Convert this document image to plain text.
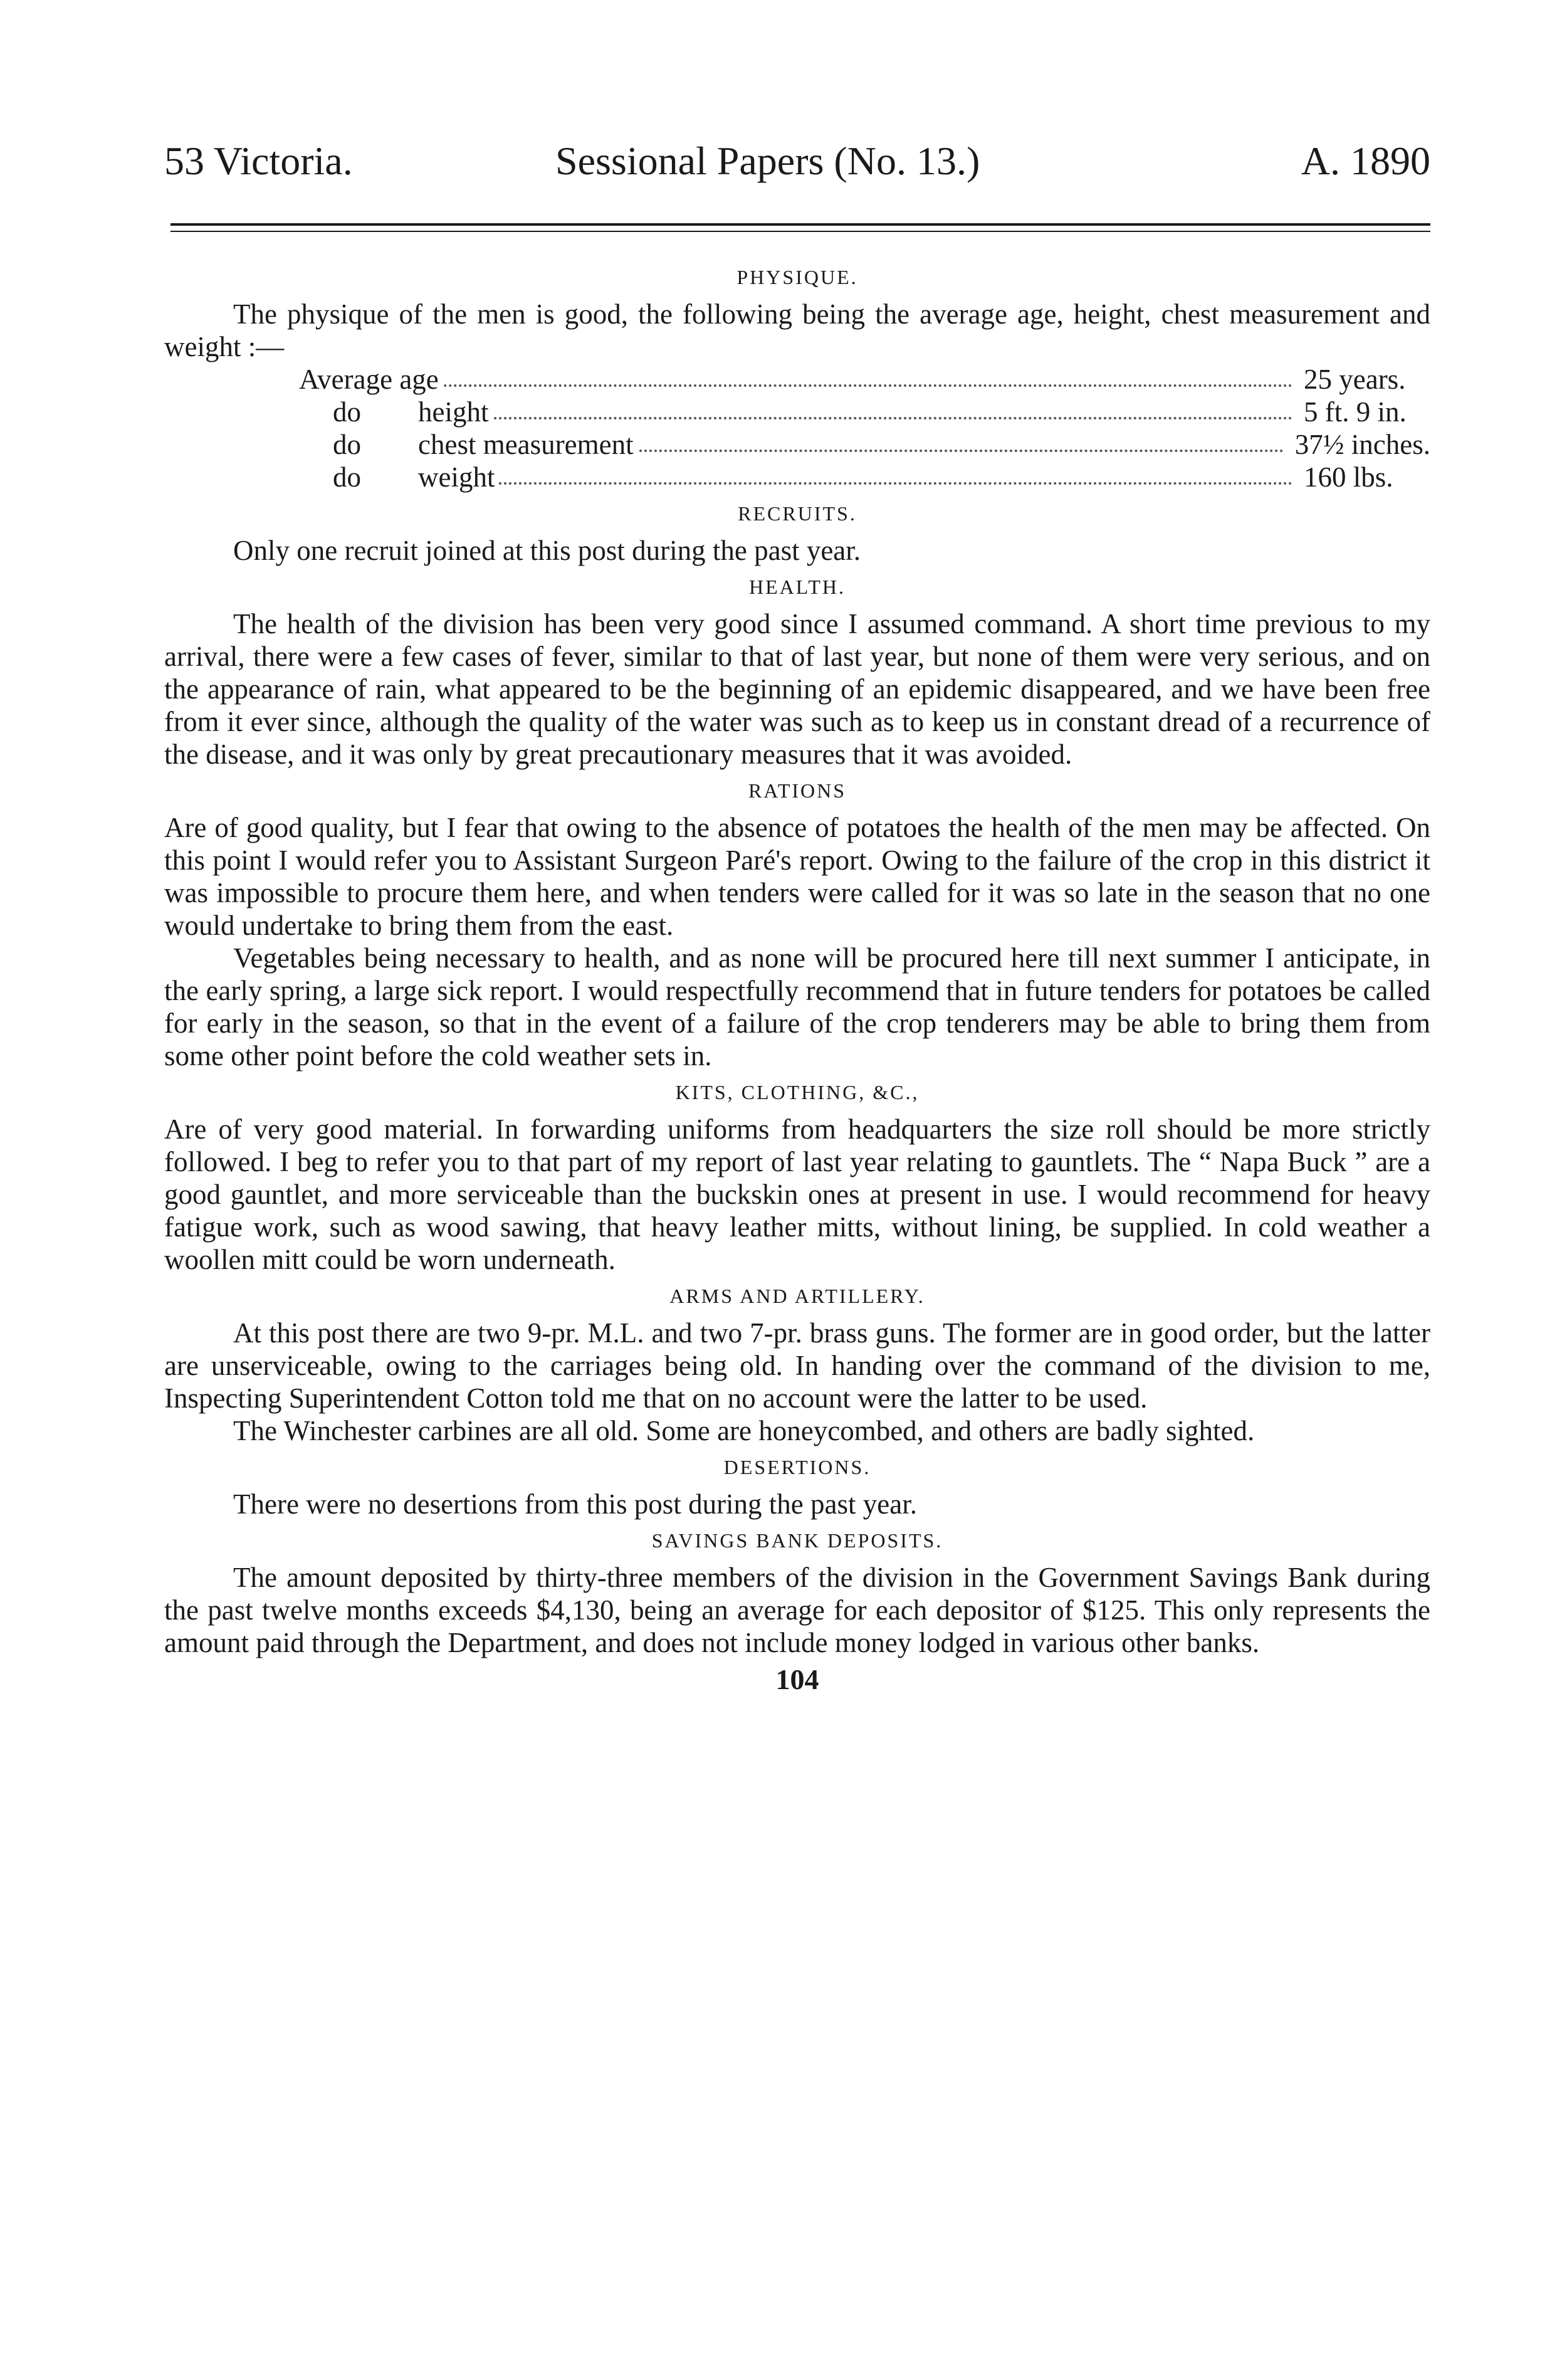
53 Victoria.	Sessional Papers (No. 13.)	A. 1890
PHYSIQUE.

The physique of the men is good, the following being the average age, height, chest measurement and weight :—

Average age	25 years.
do height	5 ft. 9 in.
do chest measurement	37½ inches.
do weight	160 lbs.
RECRUITS.

Only one recruit joined at this post during the past year.

HEALTH.

The health of the division has been very good since I assumed command. A short time previous to my arrival, there were a few cases of fever, similar to that of last year, but none of them were very serious, and on the appearance of rain, what appeared to be the beginning of an epidemic disappeared, and we have been free from it ever since, although the quality of the water was such as to keep us in constant dread of a recurrence of the disease, and it was only by great precautionary measures that it was avoided.

RATIONS

Are of good quality, but I fear that owing to the absence of potatoes the health of the men may be affected. On this point I would refer you to Assistant Surgeon Paré's report. Owing to the failure of the crop in this district it was impossible to procure them here, and when tenders were called for it was so late in the season that no one would undertake to bring them from the east.

Vegetables being necessary to health, and as none will be procured here till next summer I anticipate, in the early spring, a large sick report. I would respectfully recommend that in future tenders for potatoes be called for early in the season, so that in the event of a failure of the crop tenderers may be able to bring them from some other point before the cold weather sets in.

KITS, CLOTHING, &C.,

Are of very good material. In forwarding uniforms from headquarters the size roll should be more strictly followed. I beg to refer you to that part of my report of last year relating to gauntlets. The “ Napa Buck ” are a good gauntlet, and more serviceable than the buckskin ones at present in use. I would recommend for heavy fatigue work, such as wood sawing, that heavy leather mitts, without lining, be supplied. In cold weather a woollen mitt could be worn underneath.

ARMS AND ARTILLERY.

At this post there are two 9-pr. M.L. and two 7-pr. brass guns. The former are in good order, but the latter are unserviceable, owing to the carriages being old. In handing over the command of the division to me, Inspecting Superintendent Cotton told me that on no account were the latter to be used.

The Winchester carbines are all old. Some are honeycombed, and others are badly sighted.

DESERTIONS.

There were no desertions from this post during the past year.

SAVINGS BANK DEPOSITS.

The amount deposited by thirty-three members of the division in the Government Savings Bank during the past twelve months exceeds $4,130, being an average for each depositor of $125. This only represents the amount paid through the Department, and does not include money lodged in various other banks.

104
